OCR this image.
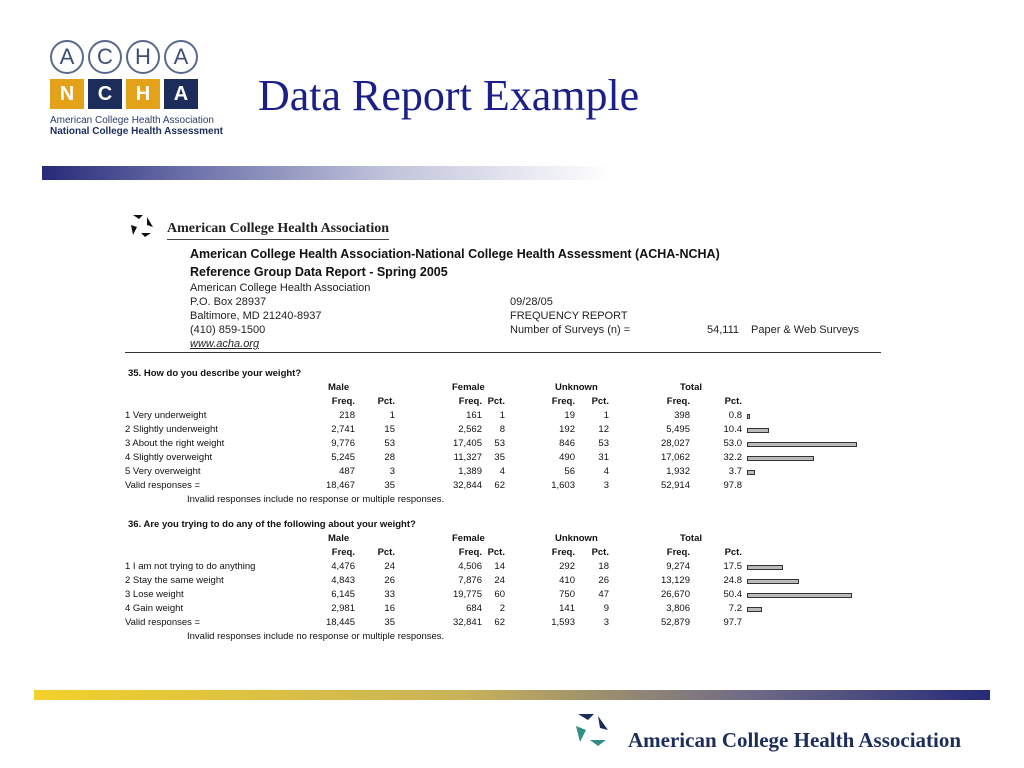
A	C	H	A
N	C	H	A
American College Health Association
National College Health Assessment
Data Report Example
American College Health Association
American College Health Association-National College Health Assessment (ACHA-NCHA)
Reference Group Data Report - Spring 2005
American College Health Association
P.O. Box 28937
Baltimore, MD 21240-8937
(410) 859-1500
www.acha.org
09/28/05
FREQUENCY REPORT
Number of Surveys (n) =	54,111 Paper & Web Surveys
35. How do you describe your weight?
Male	Female	Unknown	Total
Freq.	Pct.	Freq. Pct.	Freq.	Pct.	Freq.	Pct.
1 Very underweight	218	1	161	1	19	1	398	0.8
2 Slightly underweight	2,741	15	2,562	8	192	12	5,495	10.4
3 About the right weight	9,776	53	17,405	53	846	53	28,027	53.0
4 Slightly overweight	5,245	28	11,327	35	490	31	17,062	32.2
5 Very overweight	487	3	1,389	4	56	4	1,932	3.7
Valid responses =	18,467	35	32,844	62	1,603	3	52,914	97.8
Invalid responses include no response or multiple responses.
36. Are you trying to do any of the following about your weight?
Male	Female	Unknown	Total
Freq.	Pct.	Freq. Pct.	Freq.	Pct.	Freq.	Pct.
1 I am not trying to do anything	4,476	24	4,506	14	292	18	9,274	17.5
2 Stay the same weight	4,843	26	7,876	24	410	26	13,129	24.8
3 Lose weight	6,145	33	19,775	60	750	47	26,670	50.4
4 Gain weight	2,981	16	684	2	141	9	3,806	7.2
Valid responses =	18,445	35	32,841	62	1,593	3	52,879	97.7
Invalid responses include no response or multiple responses.
American College Health Association
